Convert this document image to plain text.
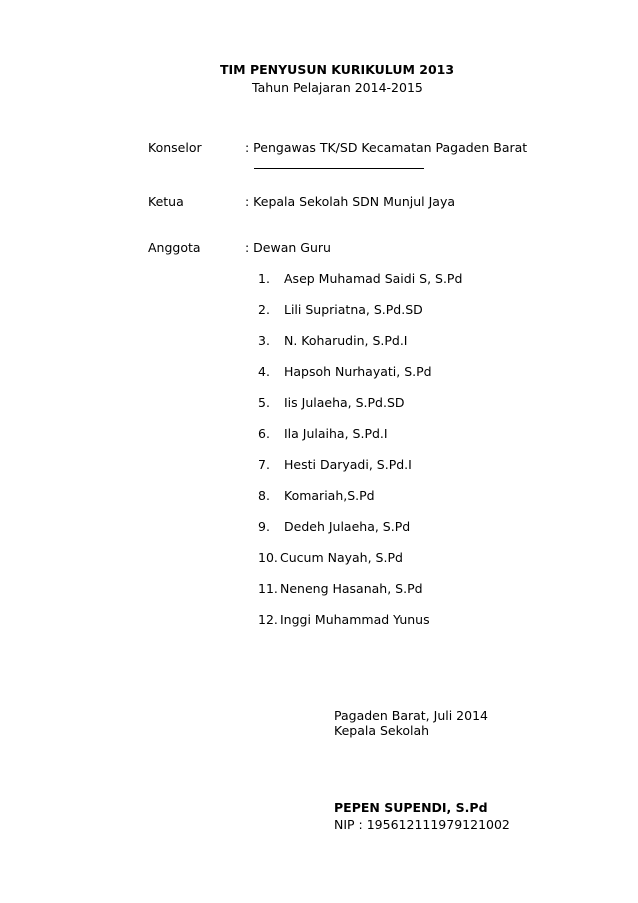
TIM PENYUSUN KURIKULUM 2013
Tahun Pelajaran 2014-2015
Konselor	: Pengawas TK/SD Kecamatan Pagaden Barat
Ketua	: Kepala Sekolah SDN Munjul Jaya
Anggota	: Dewan Guru
1.	Asep Muhamad Saidi S, S.Pd
2.	Lili Supriatna, S.Pd.SD
3.	N. Koharudin, S.Pd.I
4.	Hapsoh Nurhayati, S.Pd
5.	Iis Julaeha, S.Pd.SD
6.	Ila Julaiha, S.Pd.I
7.	Hesti Daryadi, S.Pd.I
8.	Komariah,S.Pd
9.	Dedeh Julaeha, S.Pd
10. Cucum Nayah, S.Pd
11. Neneng Hasanah, S.Pd
12. Inggi Muhammad Yunus
Pagaden Barat, Juli 2014
Kepala Sekolah
PEPEN SUPENDI, S.Pd
NIP : 195612111979121002
